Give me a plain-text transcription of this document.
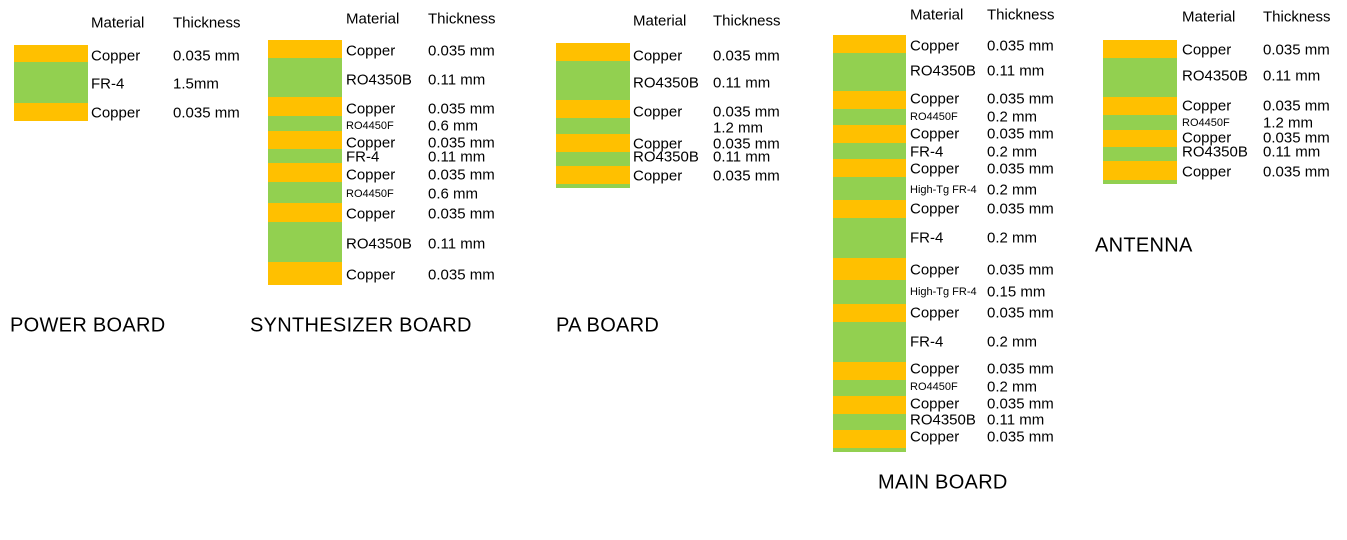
Material Thickness
Copper 0.035 mm
FR-4	1.5mm
Copper 0.035 mm
POWER BOARD
Material Thickness
Copper 0.035 mm
RO4350B 0.11 mm
Copper 0.035 mm
RO4450F 0.6 mm
Copper 0.035 mm
FR-4	0.11 mm
Copper 0.035 mm
RO4450F 0.6 mm
Copper 0.035 mm
RO4350B 0.11 mm
Copper 0.035 mm
SYNTHESIZER BOARD
Material Thickness
Copper 0.035 mm
RO4350B 0.11 mm
Copper 0.035 mm
1.2 mm
Copper 0.035 mm
RO4350B 0.11 mm
Copper 0.035 mm
PA BOARD
Material Thickness
Copper 0.035 mm
RO4350B 0.11 mm
Copper 0.035 mm
RO4450F 0.2 mm
Copper 0.035 mm
FR-4	0.2 mm
Copper 0.035 mm
High-Tg FR-4 0.2 mm
Copper 0.035 mm
FR-4	0.2 mm
Copper 0.035 mm
High-Tg FR-4 0.15 mm
Copper 0.035 mm
FR-4	0.2 mm
Copper 0.035 mm
RO4450F 0.2 mm
Copper 0.035 mm
RO4350B 0.11 mm
Copper 0.035 mm
MAIN BOARD
Material Thickness
Copper 0.035 mm
RO4350B 0.11 mm
Copper 0.035 mm
RO4450F 1.2 mm
Copper 0.035 mm
RO4350B 0.11 mm
Copper 0.035 mm
ANTENNA
